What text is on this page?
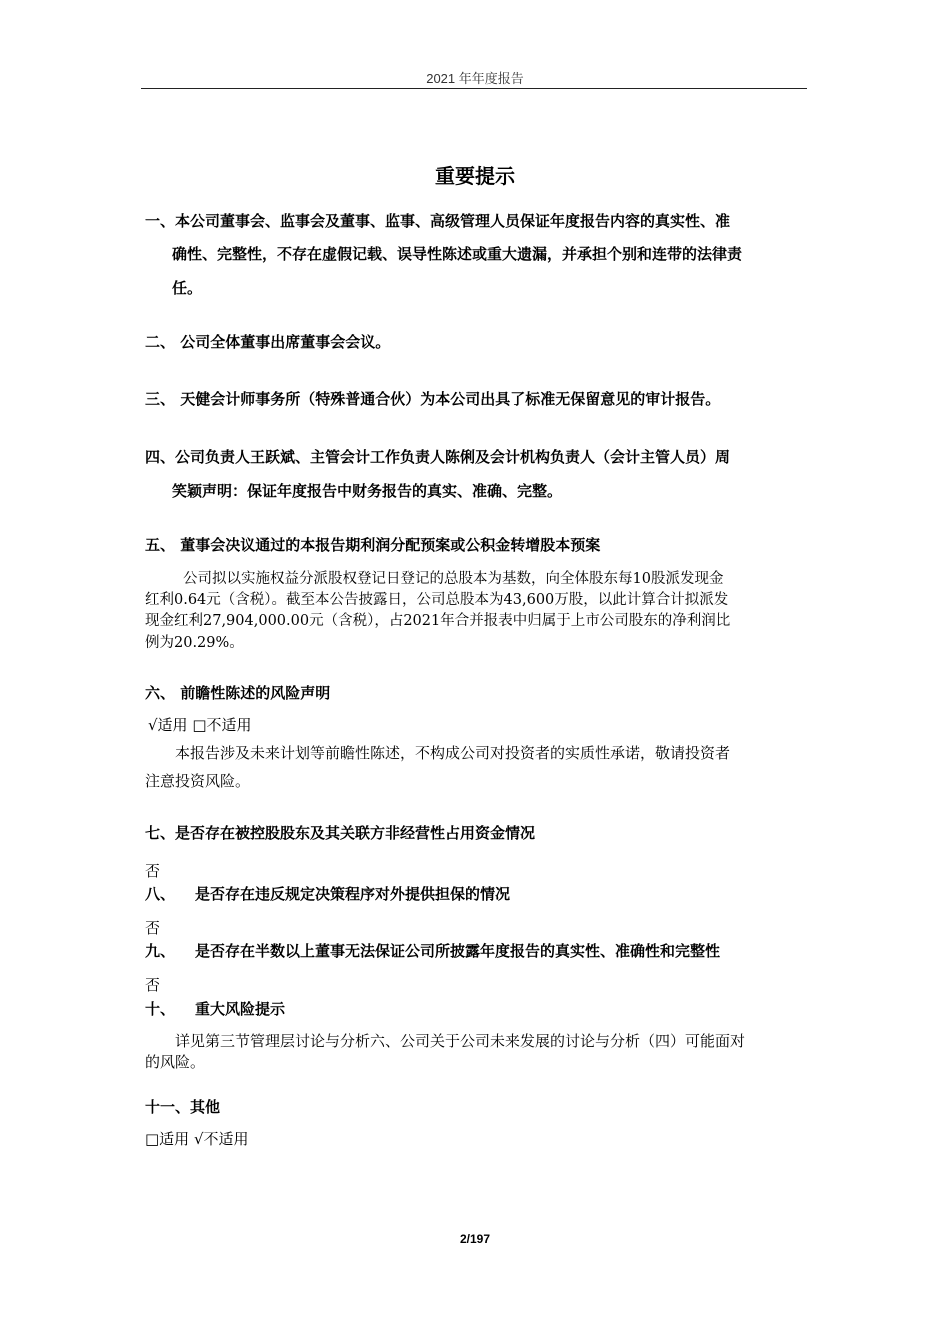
2021 年年度报告
重要提示
一、本公司董事会、监事会及董事、监事、高级管理人员保证年度报告内容的真实性、准
确性、完整性，不存在虚假记载、误导性陈述或重大遗漏，并承担个别和连带的法律责
任。
二、 公司全体董事出席董事会会议。
三、 天健会计师事务所（特殊普通合伙）为本公司出具了标准无保留意见的审计报告。
四、公司负责人王跃斌、主管会计工作负责人陈俐及会计机构负责人（会计主管人员）周
笑颖声明：保证年度报告中财务报告的真实、准确、完整。
五、 董事会决议通过的本报告期利润分配预案或公积金转增股本预案
公司拟以实施权益分派股权登记日登记的总股本为基数，向全体股东每10股派发现金
红利0.64元（含税）。截至本公告披露日，公司总股本为43,600万股，以此计算合计拟派发
现金红利27,904,000.00元（含税），占2021年合并报表中归属于上市公司股东的净利润比
例为20.29%。
六、 前瞻性陈述的风险声明
√适用 □不适用
本报告涉及未来计划等前瞻性陈述，不构成公司对投资者的实质性承诺，敬请投资者
注意投资风险。
七、是否存在被控股股东及其关联方非经营性占用资金情况
否
八、 是否存在违反规定决策程序对外提供担保的情况
否
九、 是否存在半数以上董事无法保证公司所披露年度报告的真实性、准确性和完整性
否
十、 重大风险提示
详见第三节管理层讨论与分析六、公司关于公司未来发展的讨论与分析（四）可能面对
的风险。
十一、其他
□适用 √不适用
2/197
